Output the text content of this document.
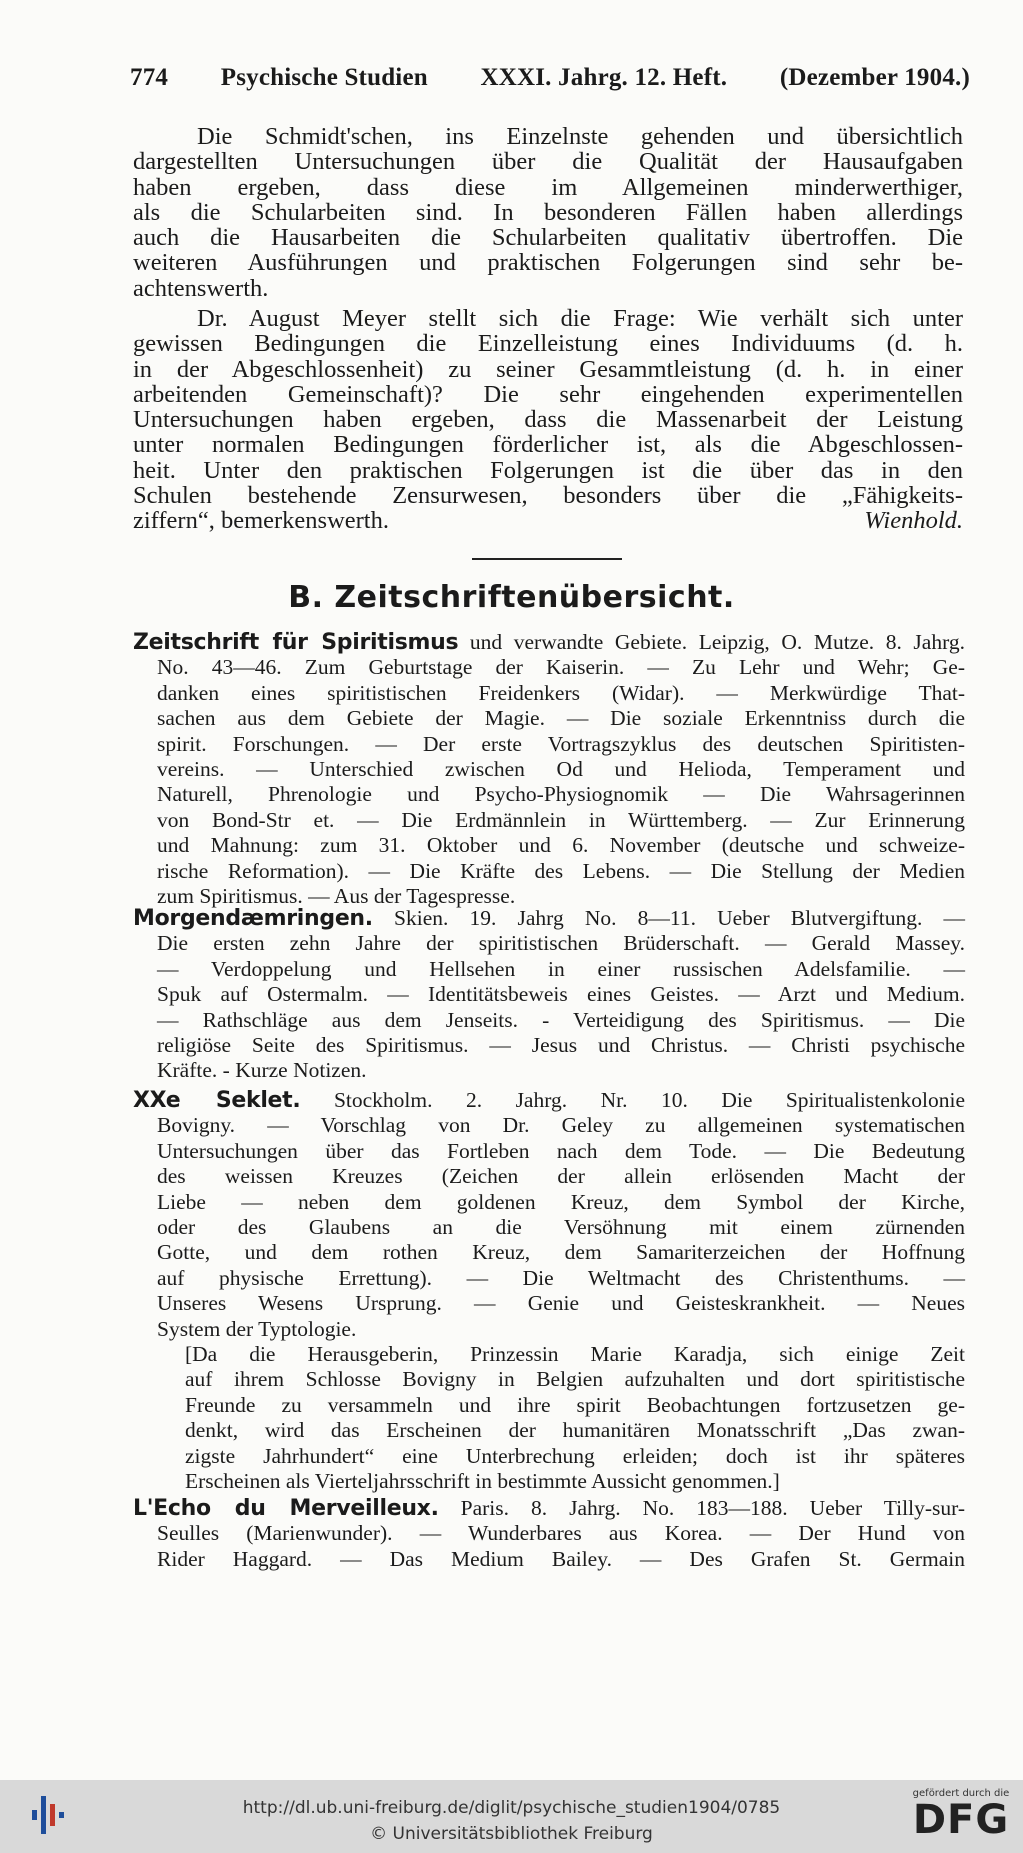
774 Psychische Studien XXXI. Jahrg. 12. Heft. (Dezember 1904.)
Die Schmidt'schen, ins Einzelnste gehenden und übersichtlich
dargestellten Untersuchungen über die Qualität der Hausaufgaben
haben ergeben, dass diese im Allgemeinen minderwerthiger,
als die Schularbeiten sind. In besonderen Fällen haben allerdings
auch die Hausarbeiten die Schularbeiten qualitativ übertroffen. Die
weiteren Ausführungen und praktischen Folgerungen sind sehr be-
achtenswerth.
Dr. August Meyer stellt sich die Frage: Wie verhält sich unter
gewissen Bedingungen die Einzelleistung eines Individuums (d. h.
in der Abgeschlossenheit) zu seiner Gesammtleistung (d. h. in einer
arbeitenden Gemeinschaft)? Die sehr eingehenden experimentellen
Untersuchungen haben ergeben, dass die Massenarbeit der Leistung
unter normalen Bedingungen förderlicher ist, als die Abgeschlossen-
heit. Unter den praktischen Folgerungen ist die über das in den
Schulen bestehende Zensurwesen, besonders über die „Fähigkeits-
ziffern“, bemerkenswerth.	Wienhold.
B. Zeitschriftenübersicht.
Zeitschrift für Spiritismus und verwandte Gebiete. Leipzig, O. Mutze. 8. Jahrg.
No. 43—46. Zum Geburtstage der Kaiserin. — Zu Lehr und Wehr; Ge-
danken eines spiritistischen Freidenkers (Widar). — Merkwürdige That-
sachen aus dem Gebiete der Magie. — Die soziale Erkenntniss durch die
spirit. Forschungen. — Der erste Vortragszyklus des deutschen Spiritisten-
vereins. — Unterschied zwischen Od und Helioda, Temperament und
Naturell, Phrenologie und Psycho-Physiognomik — Die Wahrsagerinnen
von Bond-Str et. — Die Erdmännlein in Württemberg. — Zur Erinnerung
und Mahnung: zum 31. Oktober und 6. November (deutsche und schweize-
rische Reformation). — Die Kräfte des Lebens. — Die Stellung der Medien
zum Spiritismus. — Aus der Tagespresse.
Morgendæmringen. Skien. 19. Jahrg No. 8—11. Ueber Blutvergiftung. —
Die ersten zehn Jahre der spiritistischen Brüderschaft. — Gerald Massey.
— Verdoppelung und Hellsehen in einer russischen Adelsfamilie. —
Spuk auf Ostermalm. — Identitätsbeweis eines Geistes. — Arzt und Medium.
— Rathschläge aus dem Jenseits. - Verteidigung des Spiritismus. — Die
religiöse Seite des Spiritismus. — Jesus und Christus. — Christi psychische
Kräfte. - Kurze Notizen.
XXe Seklet. Stockholm. 2. Jahrg. Nr. 10. Die Spiritualistenkolonie
Bovigny. — Vorschlag von Dr. Geley zu allgemeinen systematischen
Untersuchungen über das Fortleben nach dem Tode. — Die Bedeutung
des weissen Kreuzes (Zeichen der allein erlösenden Macht der
Liebe — neben dem goldenen Kreuz, dem Symbol der Kirche,
oder des Glaubens an die Versöhnung mit einem zürnenden
Gotte, und dem rothen Kreuz, dem Samariterzeichen der Hoffnung
auf physische Errettung). — Die Weltmacht des Christenthums. —
Unseres Wesens Ursprung. — Genie und Geisteskrankheit. — Neues
System der Typtologie.
[Da die Herausgeberin, Prinzessin Marie Karadja, sich einige Zeit
auf ihrem Schlosse Bovigny in Belgien aufzuhalten und dort spiritistische
Freunde zu versammeln und ihre spirit Beobachtungen fortzusetzen ge-
denkt, wird das Erscheinen der humanitären Monatsschrift „Das zwan-
zigste Jahrhundert“ eine Unterbrechung erleiden; doch ist ihr späteres
Erscheinen als Vierteljahrsschrift in bestimmte Aussicht genommen.]
L'Echo du Merveilleux. Paris. 8. Jahrg. No. 183—188. Ueber Tilly-sur-
Seulles (Marienwunder). — Wunderbares aus Korea. — Der Hund von
Rider Haggard. — Das Medium Bailey. — Des Grafen St. Germain
http://dl.ub.uni-freiburg.de/diglit/psychische_studien1904/0785
© Universitätsbibliothek Freiburg
gefördert durch die
DFG
